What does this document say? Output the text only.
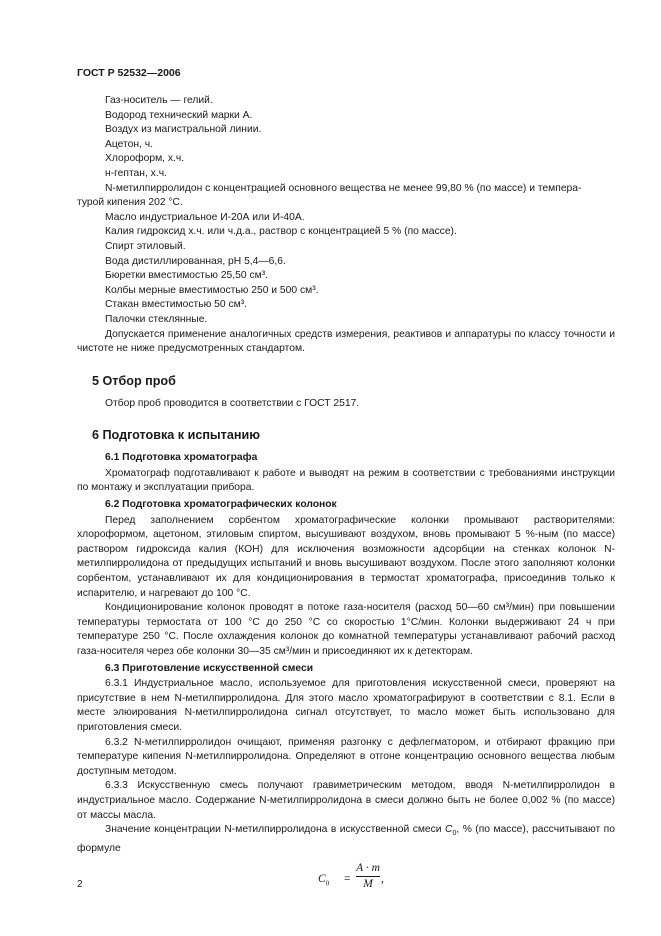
ГОСТ Р 52532—2006

Газ-носитель — гелий.

Водород технический марки А.

Воздух из магистральной линии.

Ацетон, ч.

Хлороформ, х.ч.

н-гептан, х.ч.

N-метилпирролидон с концентрацией основного вещества не менее 99,80 % (по массе) и темпера-

турой кипения 202 °С.

Масло индустриальное И-20А или И-40А.

Калия гидроксид х.ч. или ч.д.а., раствор с концентрацией 5 % (по массе).

Спирт этиловый.

Вода дистиллированная, pH 5,4—6,6.

Бюретки вместимостью 25,50 см³.

Колбы мерные вместимостью 250 и 500 см³.

Стакан вместимостью 50 см³.

Палочки стеклянные.

Допускается применение аналогичных средств измерения, реактивов и аппаратуры по классу точности и чистоте не ниже предусмотренных стандартом.

5 Отбор проб

Отбор проб проводится в соответствии с ГОСТ 2517.

6 Подготовка к испытанию
6.1 Подготовка хроматографа

Хроматограф подготавливают к работе и выводят на режим в соответствии с требованиями инструкции по монтажу и эксплуатации прибора.

6.2 Подготовка хроматографических колонок

Перед заполнением сорбентом хроматографические колонки промывают растворителями: хлороформом, ацетоном, этиловым спиртом, высушивают воздухом, вновь промывают 5 %-ным (по массе) раствором гидроксида калия (КОН) для исключения возможности адсорбции на стенках колонок N-метилпирролидона от предыдущих испытаний и вновь высушивают воздухом. После этого заполняют колонки сорбентом, устанавливают их для кондиционирования в термостат хроматографа, присоединив только к испарителю, и нагревают до 100 °С.

Кондиционирование колонок проводят в потоке газа-носителя (расход 50—60 см³/мин) при повышении температуры термостата от 100 °С до 250 °С со скоростью 1°С/мин. Колонки выдерживают 24 ч при температуре 250 °С. После охлаждения колонок до комнатной температуры устанавливают рабочий расход газа-носителя через обе колонки 30—35 см³/мин и присоединяют их к детекторам.

6.3 Приготовление искусственной смеси

6.3.1 Индустриальное масло, используемое для приготовления искусственной смеси, проверяют на присутствие в нем N-метилпирролидона. Для этого масло хроматографируют в соответствии с 8.1. Если в месте элюирования N-метилпирролидона сигнал отсутствует, то масло может быть использовано для приготовления смеси.

6.3.2 N-метилпирролидон очищают, применяя разгонку с дефлегматором, и отбирают фракцию при температуре кипения N-метилпирролидона. Определяют в отгоне концентрацию основного вещества любым доступным методом.

6.3.3 Искусственную смесь получают гравиметрическим методом, вводя N-метилпирролидон в индустриальное масло. Содержание N-метилпирролидона в смеси должно быть не более 0,002 % (по массе) от массы масла.

Значение концентрации N-метилпирролидона в искусственной смеси $C_0$, % (по массе), рассчитывают по формуле

$C_0 = \frac{A \cdot m}{M}$ ,
2
